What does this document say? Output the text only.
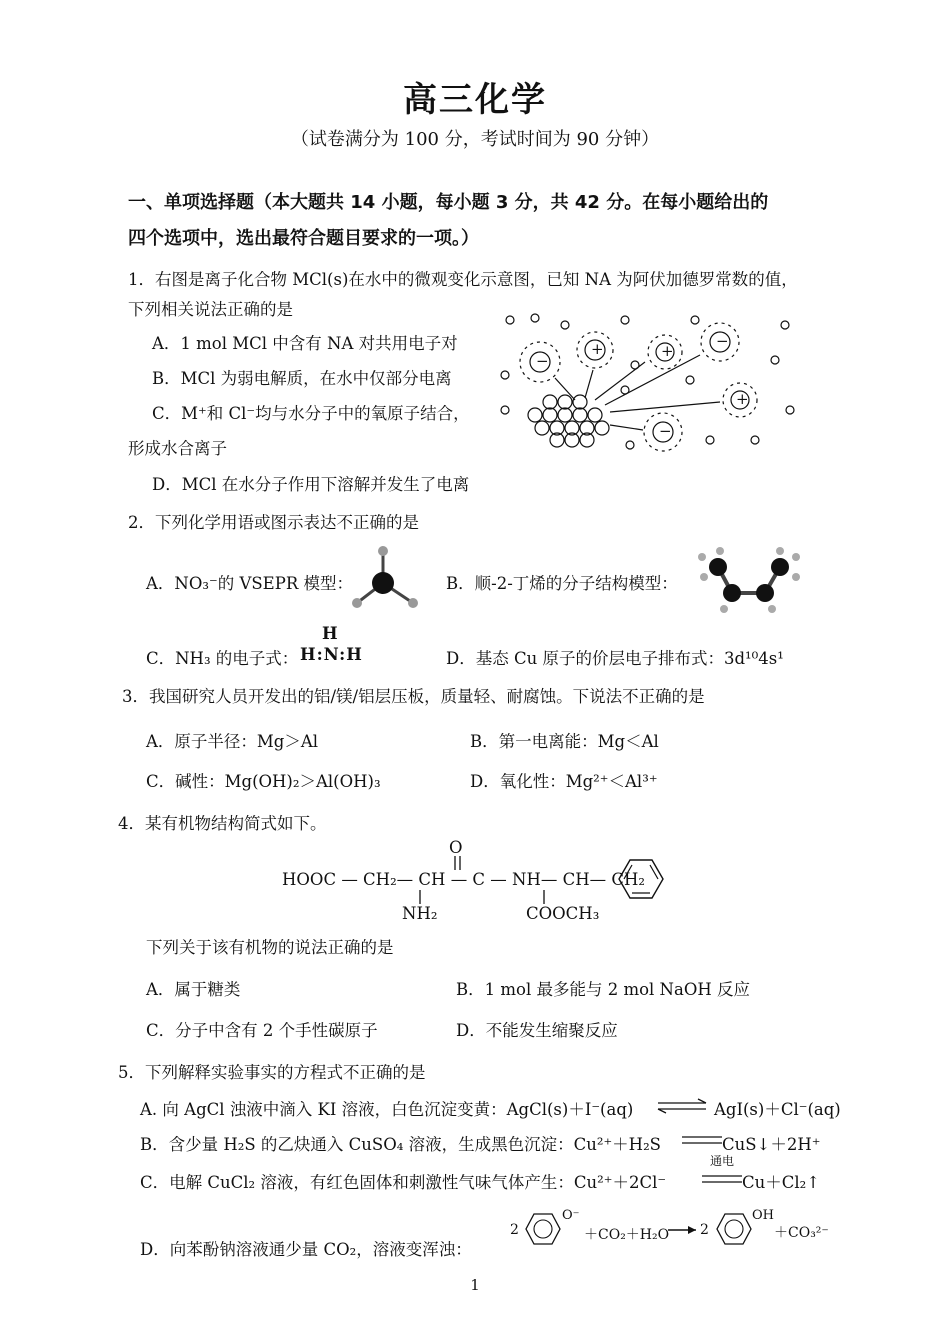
高三化学
（试卷满分为 100 分，考试时间为 90 分钟）
一、单项选择题（本大题共 14 小题，每小题 3 分，共 42 分。在每小题给出的
四个选项中，选出最符合题目要求的一项。）
1．右图是离子化合物 MCl(s)在水中的微观变化示意图，已知 NA 为阿伏加德罗常数的值，
下列相关说法正确的是
A．1 mol MCl 中含有 NA 对共用电子对
B．MCl 为弱电解质，在水中仅部分电离
C．M⁺和 Cl⁻均与水分子中的氧原子结合，
形成水合离子
D．MCl 在水分子作用下溶解并发生了电离
−
+	+
−
−
+
2．下列化学用语或图示表达不正确的是
A．NO₃⁻的 VSEPR 模型：	B．顺-2-丁烯的分子结构模型：
C．NH₃ 的电子式：
H
H:N:H	D．基态 Cu 原子的价层电子排布式：3d¹⁰4s¹
3．我国研究人员开发出的铝/镁/铝层压板，质量轻、耐腐蚀。下说法不正确的是
A．原子半径：Mg＞Al	B．第一电离能：Mg＜Al
C．碱性：Mg(OH)₂＞Al(OH)₃	D．氧化性：Mg²⁺＜Al³⁺
4．某有机物结构简式如下。
O
HOOC — CH₂— CH — C — NH— CH— CH₂
NH₂	COOCH₃
下列关于该有机物的说法正确的是
A．属于糖类	B．1 mol 最多能与 2 mol NaOH 反应
C．分子中含有 2 个手性碳原子	D．不能发生缩聚反应
5．下列解释实验事实的方程式不正确的是
A. 向 AgCl 浊液中滴入 KI 溶液，白色沉淀变黄：AgCl(s)＋I⁻(aq) ⇌ AgI(s)＋Cl⁻(aq)
B．含少量 H₂S 的乙炔通入 CuSO₄ 溶液，生成黑色沉淀：Cu²⁺＋H₂S	CuS↓＋2H⁺
C．电解 CuCl₂ 溶液，有红色固体和刺激性气味气体产生：Cu²⁺＋2Cl⁻
通电
Cu＋Cl₂↑
D．向苯酚钠溶液通少量 CO₂，溶液变浑浊：
2
O⁻
＋CO₂＋H₂O → 2
OH
＋CO₃²⁻
1
